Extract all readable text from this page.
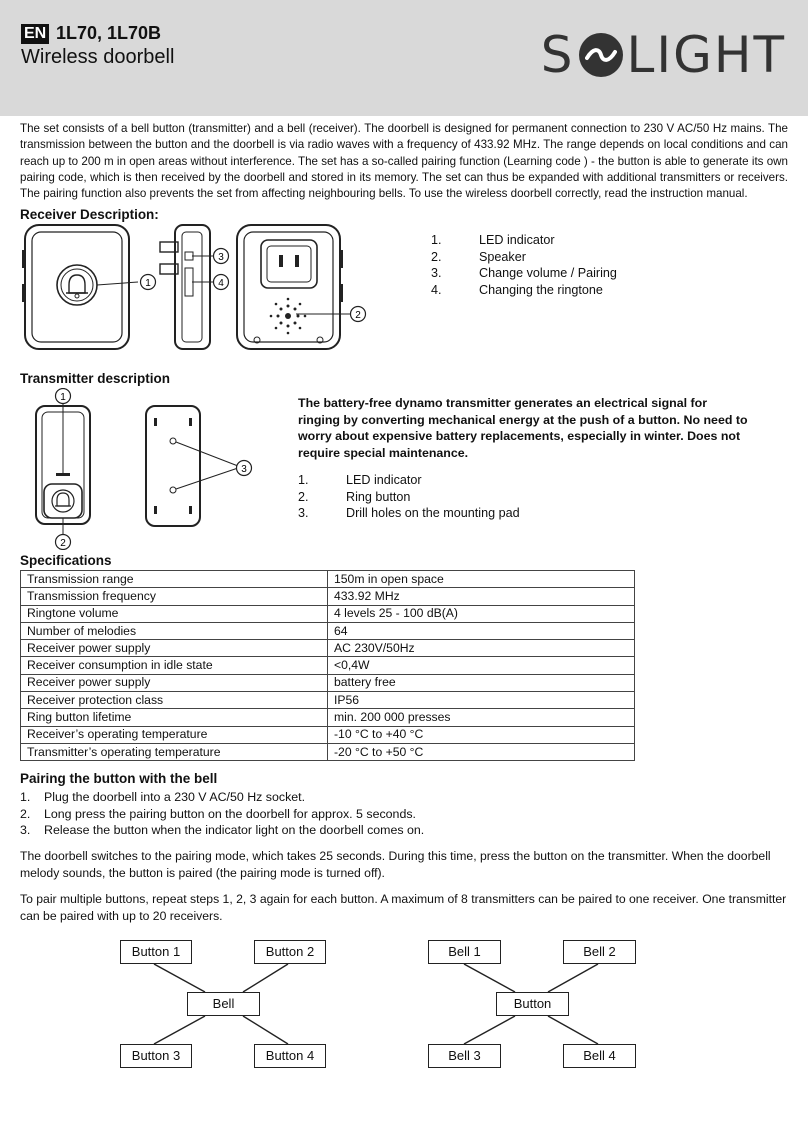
EN 1L70, 1L70B
Wireless doorbell	S LIGHT

The set consists of a bell button (transmitter) and a bell (receiver). The doorbell is designed for permanent connection to 230 V AC/50 Hz mains. The transmission between the button and the doorbell is via radio waves with a frequency of 433.92 MHz. The range depends on local conditions and can reach up to 200 m in open areas without interference. The set has a so-called pairing function (Learning code ) - the button is able to generate its own pairing code, which is then received by the doorbell and stored in its memory. The set can thus be expanded with additional transmitters or receivers. The pairing function also prevents the set from affecting neighbouring bells. To use the wireless doorbell correctly, read the instruction manual.

Receiver Description:
1
3
4
2
1.	LED indicator
2.	Speaker
3.	Change volume / Pairing
4.	Changing the ringtone
Transmitter description
1
2
3

The battery-free dynamo transmitter generates an electrical signal for ringing by converting mechanical energy at the push of a button. No need to worry about expensive battery replacements, especially in winter. Does not require special maintenance.

1.	LED indicator
2.	Ring button
3.	Drill holes on the mounting pad
Specifications
Transmission range	150m in open space
Transmission frequency	433.92 MHz
Ringtone volume	4 levels 25 - 100 dB(A)
Number of melodies	64
Receiver power supply	AC 230V/50Hz
Receiver consumption in idle state	<0,4W
Receiver power supply	battery free
Receiver protection class	IP56
Ring button lifetime	min. 200 000 presses
Receiver’s operating temperature	-10 °C to +40 °C
Transmitter’s operating temperature	-20 °C to +50 °C
Pairing the button with the bell
1.	Plug the doorbell into a 230 V AC/50 Hz socket.
2.	Long press the pairing button on the doorbell for approx. 5 seconds.
3.	Release the button when the indicator light on the doorbell comes on.

The doorbell switches to the pairing mode, which takes 25 seconds. During this time, press the button on the transmitter. When the doorbell melody sounds, the button is paired (the pairing mode is turned off).

To pair multiple buttons, repeat steps 1, 2, 3 again for each button. A maximum of 8 transmitters can be paired to one receiver. One transmitter can be paired with up to 20 receivers.

Button 1	Button 2
Bell
Button 3	Button 4
Bell 1	Bell 2
Button
Bell 3	Bell 4
